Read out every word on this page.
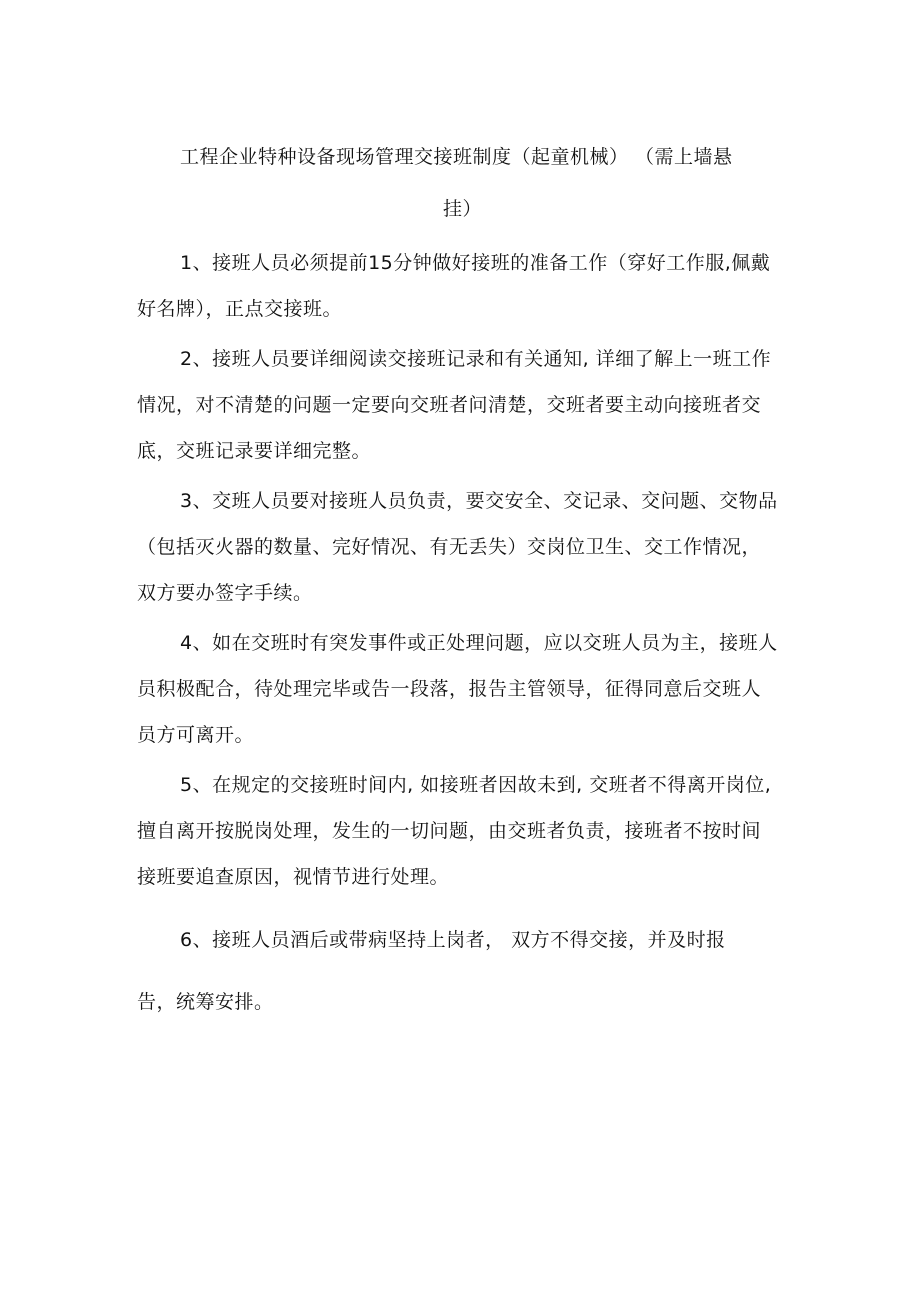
工程企业特种设备现场管理交接班制度（起童机械） （需上墙悬
挂）
1、接班人员必须提前15分钟做好接班的准备工作（穿好工作服,佩戴
好名牌），正点交接班。
2、接班人员要详细阅读交接班记录和有关通知, 详细了解上一班工作
情况，对不清楚的问题一定要向交班者问清楚，交班者要主动向接班者交
底，交班记录要详细完整。
3、交班人员要对接班人员负责，要交安全、交记录、交问题、交物品
（包括灭火器的数量、完好情况、有无丢失）交岗位卫生、交工作情况，
双方要办签字手续。
4、如在交班时有突发事件或正处理问题，应以交班人员为主，接班人
员积极配合，待处理完毕或告一段落，报告主管领导，征得同意后交班人
员方可离开。
5、在规定的交接班时间内, 如接班者因故未到, 交班者不得离开岗位,
擅自离开按脱岗处理，发生的一切问题，由交班者负责，接班者不按时间
接班要追查原因，视情节进行处理。
6、接班人员酒后或带病坚持上岗者， 双方不得交接，并及时报
告，统筹安排。
